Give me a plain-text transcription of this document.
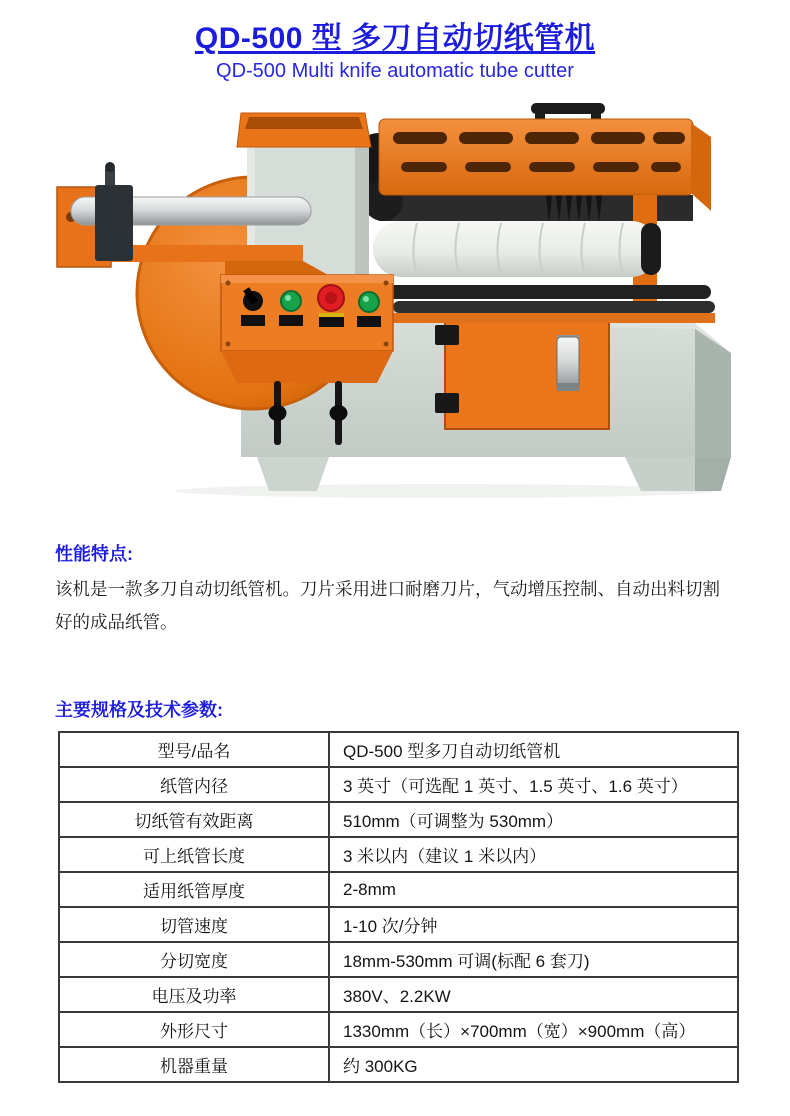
QD-500 型 多刀自动切纸管机
QD-500 Multi knife automatic tube cutter
性能特点:

该机是一款多刀自动切纸管机。刀片采用进口耐磨刀片，气动增压控制、自动出料切割好的成品纸管。

主要规格及技术参数:
型号/品名	QD-500 型多刀自动切纸管机
纸管内径	3 英寸（可选配 1 英寸、1.5 英寸、1.6 英寸）
切纸管有效距离	510mm（可调整为 530mm）
可上纸管长度	3 米以内（建议 1 米以内）
适用纸管厚度	2-8mm
切管速度	1-10 次/分钟
分切宽度	18mm-530mm 可调(标配 6 套刀)
电压及功率	380V、2.2KW
外形尺寸	1330mm（长）×700mm（宽）×900mm（高）
机器重量	约 300KG
